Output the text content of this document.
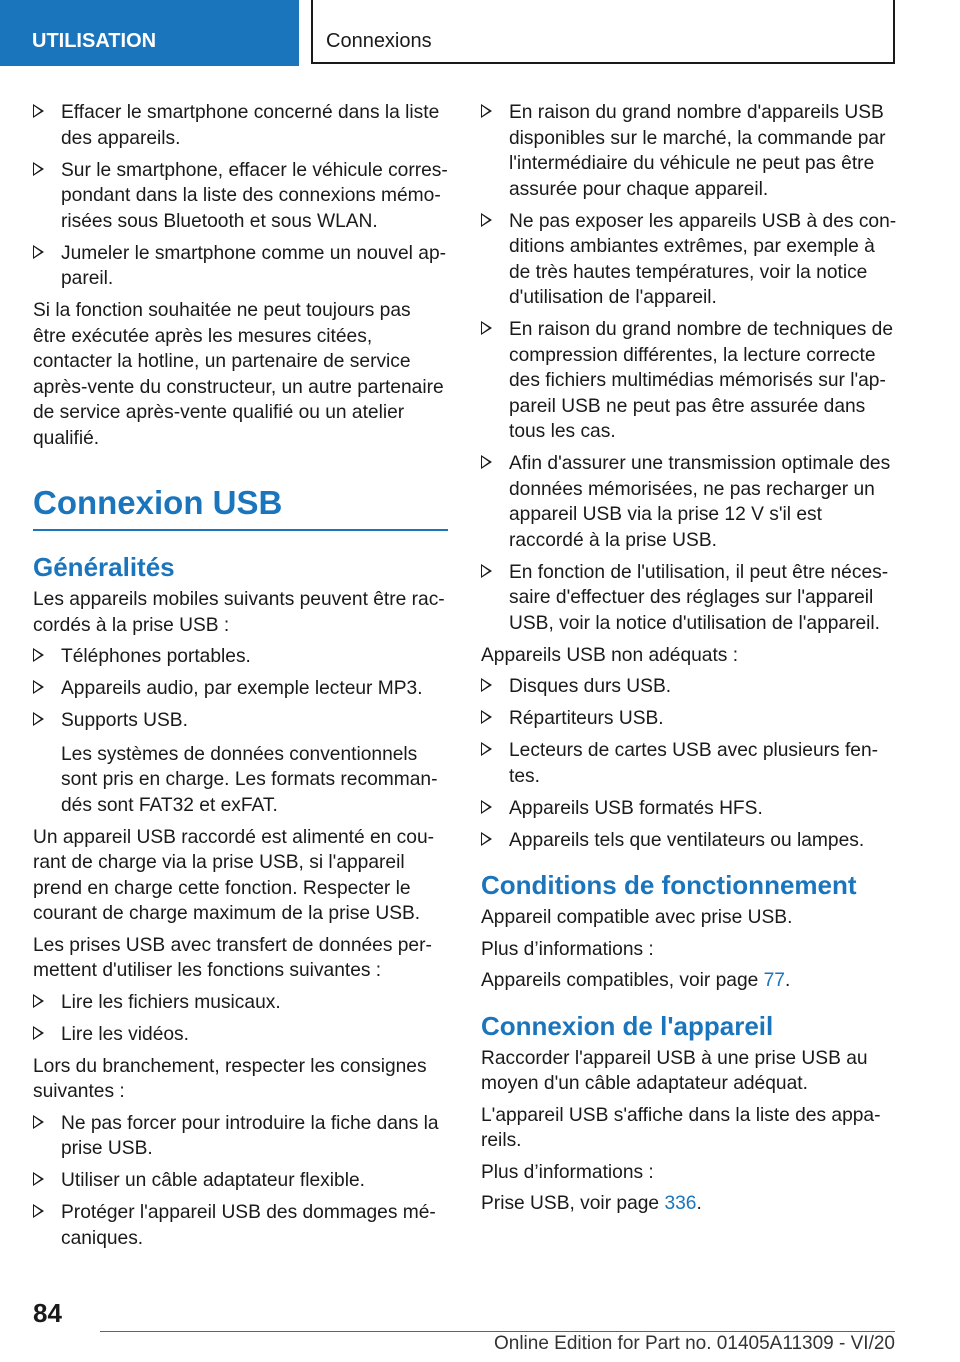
UTILISATION	Connexions
Effacer le smartphone concerné dans la liste des appareils.
Sur le smartphone, effacer le véhicule correspondant dans la liste des connexions mémorisées sous Bluetooth et sous WLAN.
Jumeler le smartphone comme un nouvel appareil.

Si la fonction souhaitée ne peut toujours pas être exécutée après les mesures citées, contacter la hotline, un partenaire de service après-vente du constructeur, un autre partenaire de service après-vente qualifié ou un atelier qualifié.

Connexion USB
Généralités

Les appareils mobiles suivants peuvent être raccordés à la prise USB :

Téléphones portables.
Appareils audio, par exemple lecteur MP3.
Supports USB.
Les systèmes de données conventionnels sont pris en charge. Les formats recommandés sont FAT32 et exFAT.

Un appareil USB raccordé est alimenté en courant de charge via la prise USB, si l'appareil prend en charge cette fonction. Respecter le courant de charge maximum de la prise USB.

Les prises USB avec transfert de données permettent d'utiliser les fonctions suivantes :

Lire les fichiers musicaux.
Lire les vidéos.

Lors du branchement, respecter les consignes suivantes :

Ne pas forcer pour introduire la fiche dans la prise USB.
Utiliser un câble adaptateur flexible.
Protéger l'appareil USB des dommages mécaniques.
En raison du grand nombre d'appareils USB disponibles sur le marché, la commande par l'intermédiaire du véhicule ne peut pas être assurée pour chaque appareil.
Ne pas exposer les appareils USB à des conditions ambiantes extrêmes, par exemple à de très hautes températures, voir la notice d'utilisation de l'appareil.
En raison du grand nombre de techniques de compression différentes, la lecture correcte des fichiers multimédias mémorisés sur l'appareil USB ne peut pas être assurée dans tous les cas.
Afin d'assurer une transmission optimale des données mémorisées, ne pas recharger un appareil USB via la prise 12 V s'il est raccordé à la prise USB.
En fonction de l'utilisation, il peut être nécessaire d'effectuer des réglages sur l'appareil USB, voir la notice d'utilisation de l'appareil.

Appareils USB non adéquats :

Disques durs USB.
Répartiteurs USB.
Lecteurs de cartes USB avec plusieurs fentes.
Appareils USB formatés HFS.
Appareils tels que ventilateurs ou lampes.
Conditions de fonctionnement

Appareil compatible avec prise USB.

Plus d’informations :

Appareils compatibles, voir page 77.

Connexion de l'appareil

Raccorder l'appareil USB à une prise USB au moyen d'un câble adaptateur adéquat.

L'appareil USB s'affiche dans la liste des appareils.

Plus d’informations :

Prise USB, voir page 336.

84
Online Edition for Part no. 01405A11309 - VI/20
